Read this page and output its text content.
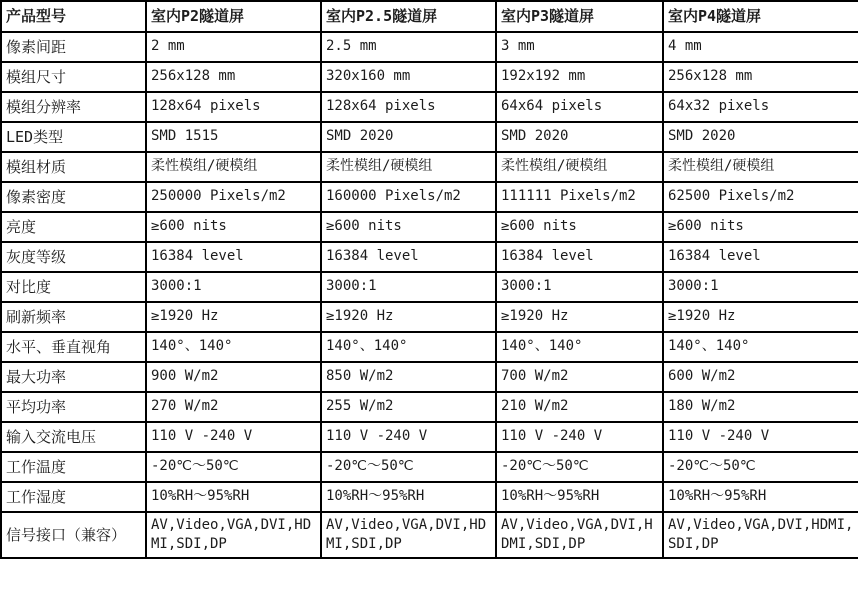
产品型号	室内P2隧道屏	室内P2.5隧道屏	室内P3隧道屏	室内P4隧道屏
像素间距	2 mm	2.5 mm	3 mm	4 mm
模组尺寸	256x128 mm	320x160 mm	192x192 mm	256x128 mm
模组分辨率	128x64 pixels	128x64 pixels	64x64 pixels	64x32 pixels
LED类型	SMD 1515	SMD 2020	SMD 2020	SMD 2020
模组材质	柔性模组/硬模组	柔性模组/硬模组	柔性模组/硬模组	柔性模组/硬模组
像素密度	250000 Pixels/m2	160000 Pixels/m2	111111 Pixels/m2	62500 Pixels/m2
亮度	≥600 nits	≥600 nits	≥600 nits	≥600 nits
灰度等级	16384 level	16384 level	16384 level	16384 level
对比度	3000:1	3000:1	3000:1	3000:1
刷新频率	≥1920 Hz	≥1920 Hz	≥1920 Hz	≥1920 Hz
水平、垂直视角	140°、140°	140°、140°	140°、140°	140°、140°
最大功率	900 W/m2	850 W/m2	700 W/m2	600 W/m2
平均功率	270 W/m2	255 W/m2	210 W/m2	180 W/m2
输入交流电压	110 V -240 V	110 V -240 V	110 V -240 V	110 V -240 V
工作温度	-20℃～50℃	-20℃～50℃	-20℃～50℃	-20℃～50℃
工作湿度	10%RH～95%RH	10%RH～95%RH	10%RH～95%RH	10%RH～95%RH
信号接口（兼容）	AV,Video,VGA,DVI,HDMI,SDI,DP	AV,Video,VGA,DVI,HDMI,SDI,DP	AV,Video,VGA,DVI,HDMI,SDI,DP	AV,Video,VGA,DVI,HDMI,SDI,DP
